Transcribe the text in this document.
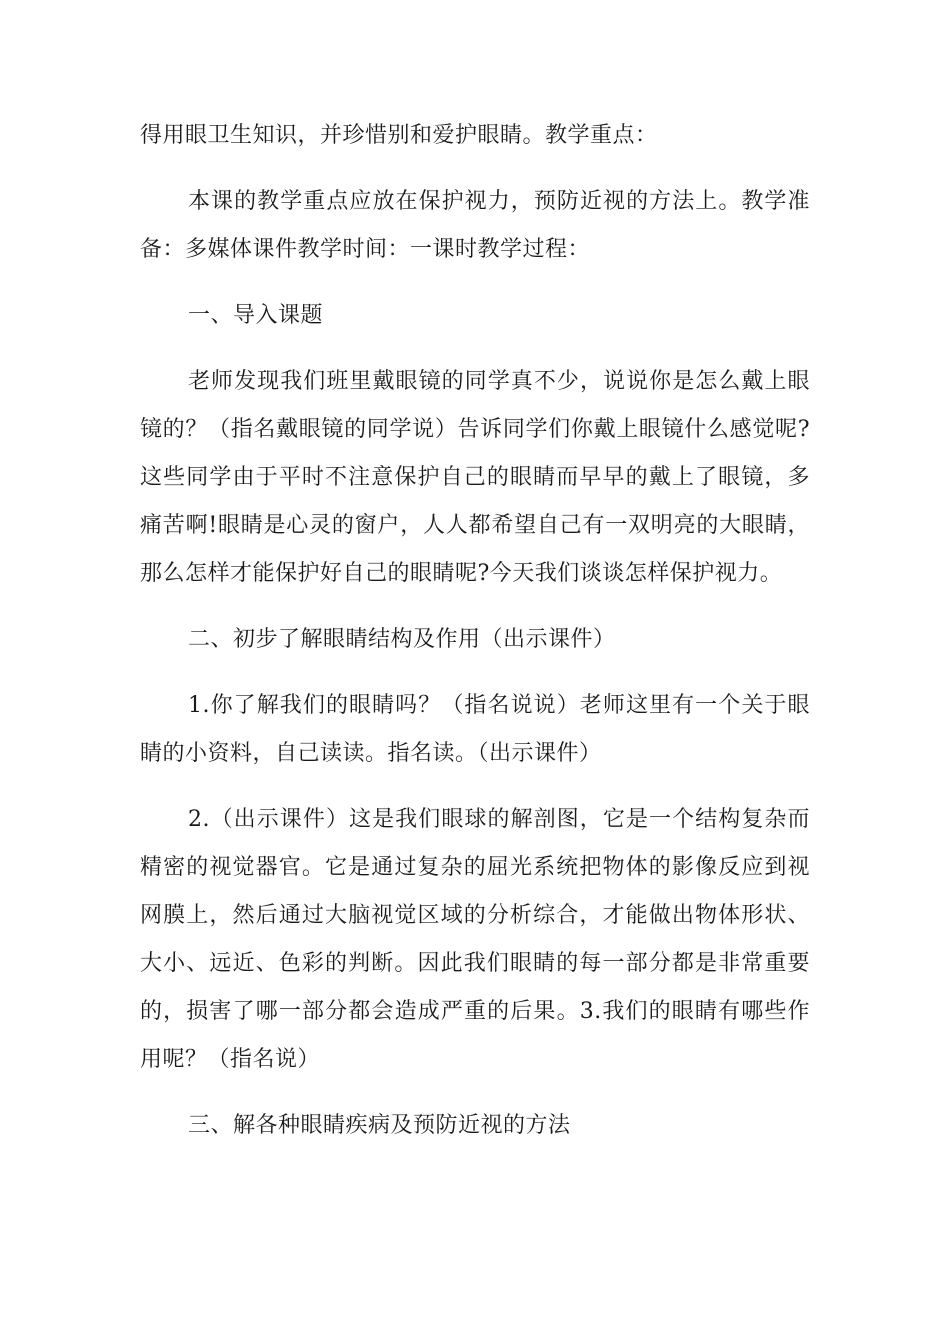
得用眼卫生知识，并珍惜别和爱护眼睛。教学重点：

本课的教学重点应放在保护视力，预防近视的方法上。教学准备：多媒体课件教学时间：一课时教学过程：

一、导入课题

老师发现我们班里戴眼镜的同学真不少，说说你是怎么戴上眼镜的？（指名戴眼镜的同学说）告诉同学们你戴上眼镜什么感觉呢?这些同学由于平时不注意保护自己的眼睛而早早的戴上了眼镜，多痛苦啊!眼睛是心灵的窗户，人人都希望自己有一双明亮的大眼睛，那么怎样才能保护好自己的眼睛呢?今天我们谈谈怎样保护视力。

二、初步了解眼睛结构及作用（出示课件）

1.你了解我们的眼睛吗？（指名说说）老师这里有一个关于眼睛的小资料，自己读读。指名读。（出示课件）

2.（出示课件）这是我们眼球的解剖图，它是一个结构复杂而精密的视觉器官。它是通过复杂的屈光系统把物体的影像反应到视网膜上，然后通过大脑视觉区域的分析综合，才能做出物体形状、大小、远近、色彩的判断。因此我们眼睛的每一部分都是非常重要的，损害了哪一部分都会造成严重的后果。3.我们的眼睛有哪些作用呢？（指名说）

三、解各种眼睛疾病及预防近视的方法
